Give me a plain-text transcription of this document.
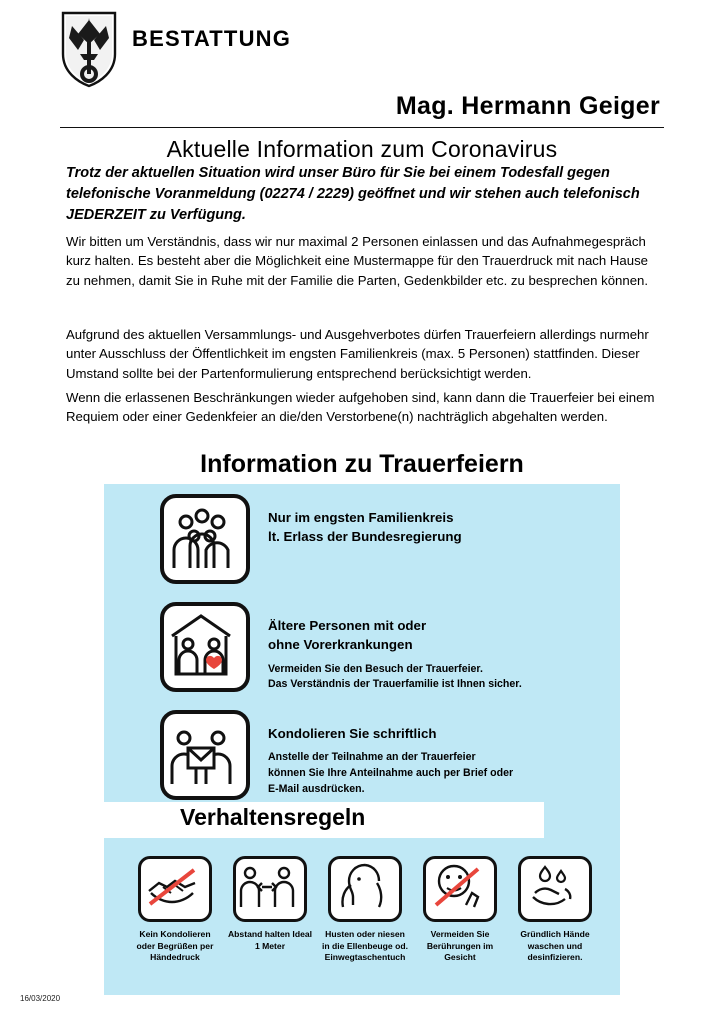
BESTATTUNG
Mag. Hermann Geiger
Aktuelle Information zum Coronavirus
Trotz der aktuellen Situation wird unser Büro für Sie bei einem Todesfall gegen telefonische Voranmeldung (02274 / 2229) geöffnet und wir stehen auch telefonisch JEDERZEIT zu Verfügung.
Wir bitten um Verständnis, dass wir nur maximal 2 Personen einlassen und das Aufnahmegespräch kurz halten. Es besteht aber die Möglichkeit eine Mustermappe für den Trauerdruck mit nach Hause zu nehmen, damit Sie in Ruhe mit der Familie die Parten, Gedenkbilder etc. zu besprechen können.
Aufgrund des aktuellen Versammlungs- und Ausgehverbotes dürfen Trauerfeiern allerdings nurmehr unter Ausschluss der Öffentlichkeit im engsten Familienkreis (max. 5 Personen) stattfinden. Dieser Umstand sollte bei der Partenformulierung entsprechend berücksichtigt werden.
Wenn die erlassenen Beschränkungen wieder aufgehoben sind, kann dann die Trauerfeier bei einem Requiem oder einer Gedenkfeier an die/den Verstorbene(n) nachträglich abgehalten werden.
Information zu Trauerfeiern
Nur im engsten Familienkreis
lt. Erlass der Bundesregierung
Ältere Personen mit oder
ohne Vorerkrankungen
Vermeiden Sie den Besuch der Trauerfeier.
Das Verständnis der Trauerfamilie ist Ihnen sicher.
Kondolieren Sie schriftlich
Anstelle der Teilnahme an der Trauerfeier
können Sie Ihre Anteilnahme auch per Brief oder
E-Mail ausdrücken.
Verhaltensregeln
Kein Kondolieren oder Begrüßen per Händedruck
Abstand halten Ideal 1 Meter
Husten oder niesen in die Ellenbeuge od. Einwegtaschentuch
Vermeiden Sie Berührungen im Gesicht
Gründlich Hände waschen und desinfizieren.
16/03/2020
